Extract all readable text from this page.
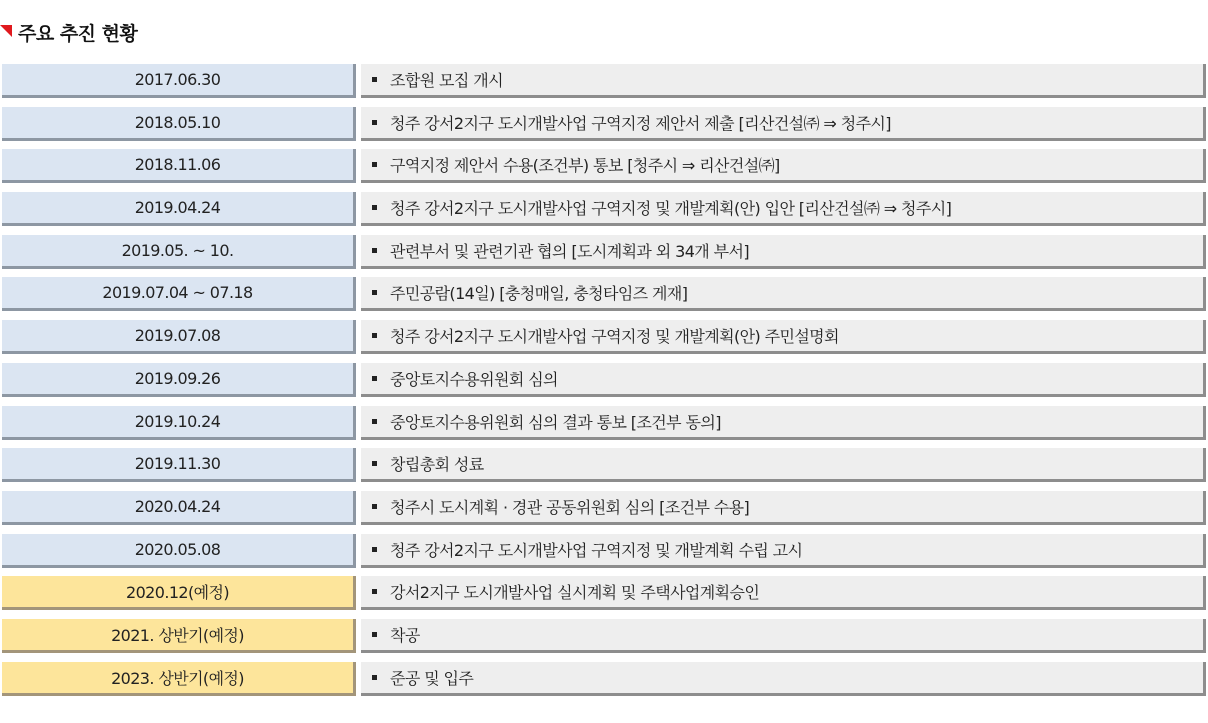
주요 추진 현황
2017.06.30	조합원 모집 개시
2018.05.10	청주 강서2지구 도시개발사업 구역지정 제안서 제출 [리산건설㈜ ⇒ 청주시]
2018.11.06	구역지정 제안서 수용(조건부) 통보 [청주시 ⇒ 리산건설㈜]
2019.04.24	청주 강서2지구 도시개발사업 구역지정 및 개발계획(안) 입안 [리산건설㈜ ⇒ 청주시]
2019.05. ~ 10.	관련부서 및 관련기관 협의 [도시계획과 외 34개 부서]
2019.07.04 ~ 07.18	주민공람(14일) [충청매일, 충청타임즈 게재]
2019.07.08	청주 강서2지구 도시개발사업 구역지정 및 개발계획(안) 주민설명회
2019.09.26	중앙토지수용위원회 심의
2019.10.24	중앙토지수용위원회 심의 결과 통보 [조건부 동의]
2019.11.30	창립총회 성료
2020.04.24	청주시 도시계획 · 경관 공동위원회 심의 [조건부 수용]
2020.05.08	청주 강서2지구 도시개발사업 구역지정 및 개발계획 수립 고시
2020.12(예정)	강서2지구 도시개발사업 실시계획 및 주택사업계획승인
2021. 상반기(예정)	착공
2023. 상반기(예정)	준공 및 입주
